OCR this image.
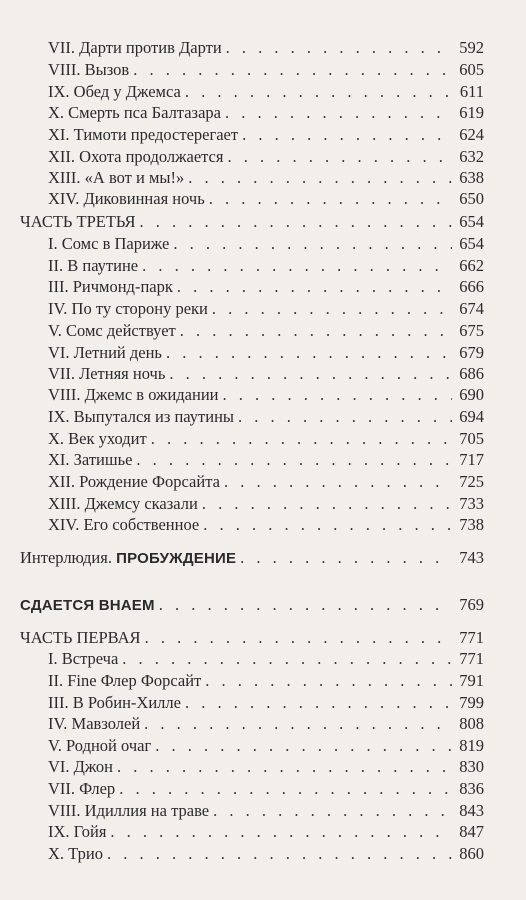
VII. Дарти против Дарти . . .	592
VIII. Вызов . . .	605
IX. Обед у Джемса . . .	611
X. Смерть пса Балтазара . . .	619
XI. Тимоти предостерегает . . .	624
XII. Охота продолжается . . .	632
XIII. «А вот и мы!» . . .	638
XIV. Диковинная ночь . . .	650
ЧАСТЬ ТРЕТЬЯ . . .	654
I. Сомс в Париже . . .	654
II. В паутине . . .	662
III. Ричмонд-парк . . .	666
IV. По ту сторону реки . . .	674
V. Сомс действует . . .	675
VI. Летний день . . .	679
VII. Летняя ночь . . .	686
VIII. Джемс в ожидании . . .	690
IX. Выпутался из паутины . . .	694
X. Век уходит . . .	705
XI. Затишье . . .	717
XII. Рождение Форсайта . . .	725
XIII. Джемсу сказали . . .	733
XIV. Его собственное . . .	738
Интерлюдия. ПРОБУЖДЕНИЕ . . .	743
СДАЕТСЯ ВНАЕМ . . .	769
ЧАСТЬ ПЕРВАЯ . . .	771
I. Встреча . . .	771
II. Fine Флер Форсайт . . .	791
III. В Робин-Хилле . . .	799
IV. Мавзолей . . .	808
V. Родной очаг . . .	819
VI. Джон . . .	830
VII. Флер . . .	836
VIII. Идиллия на траве . . .	843
IX. Гойя . . .	847
X. Трио . . .	860
